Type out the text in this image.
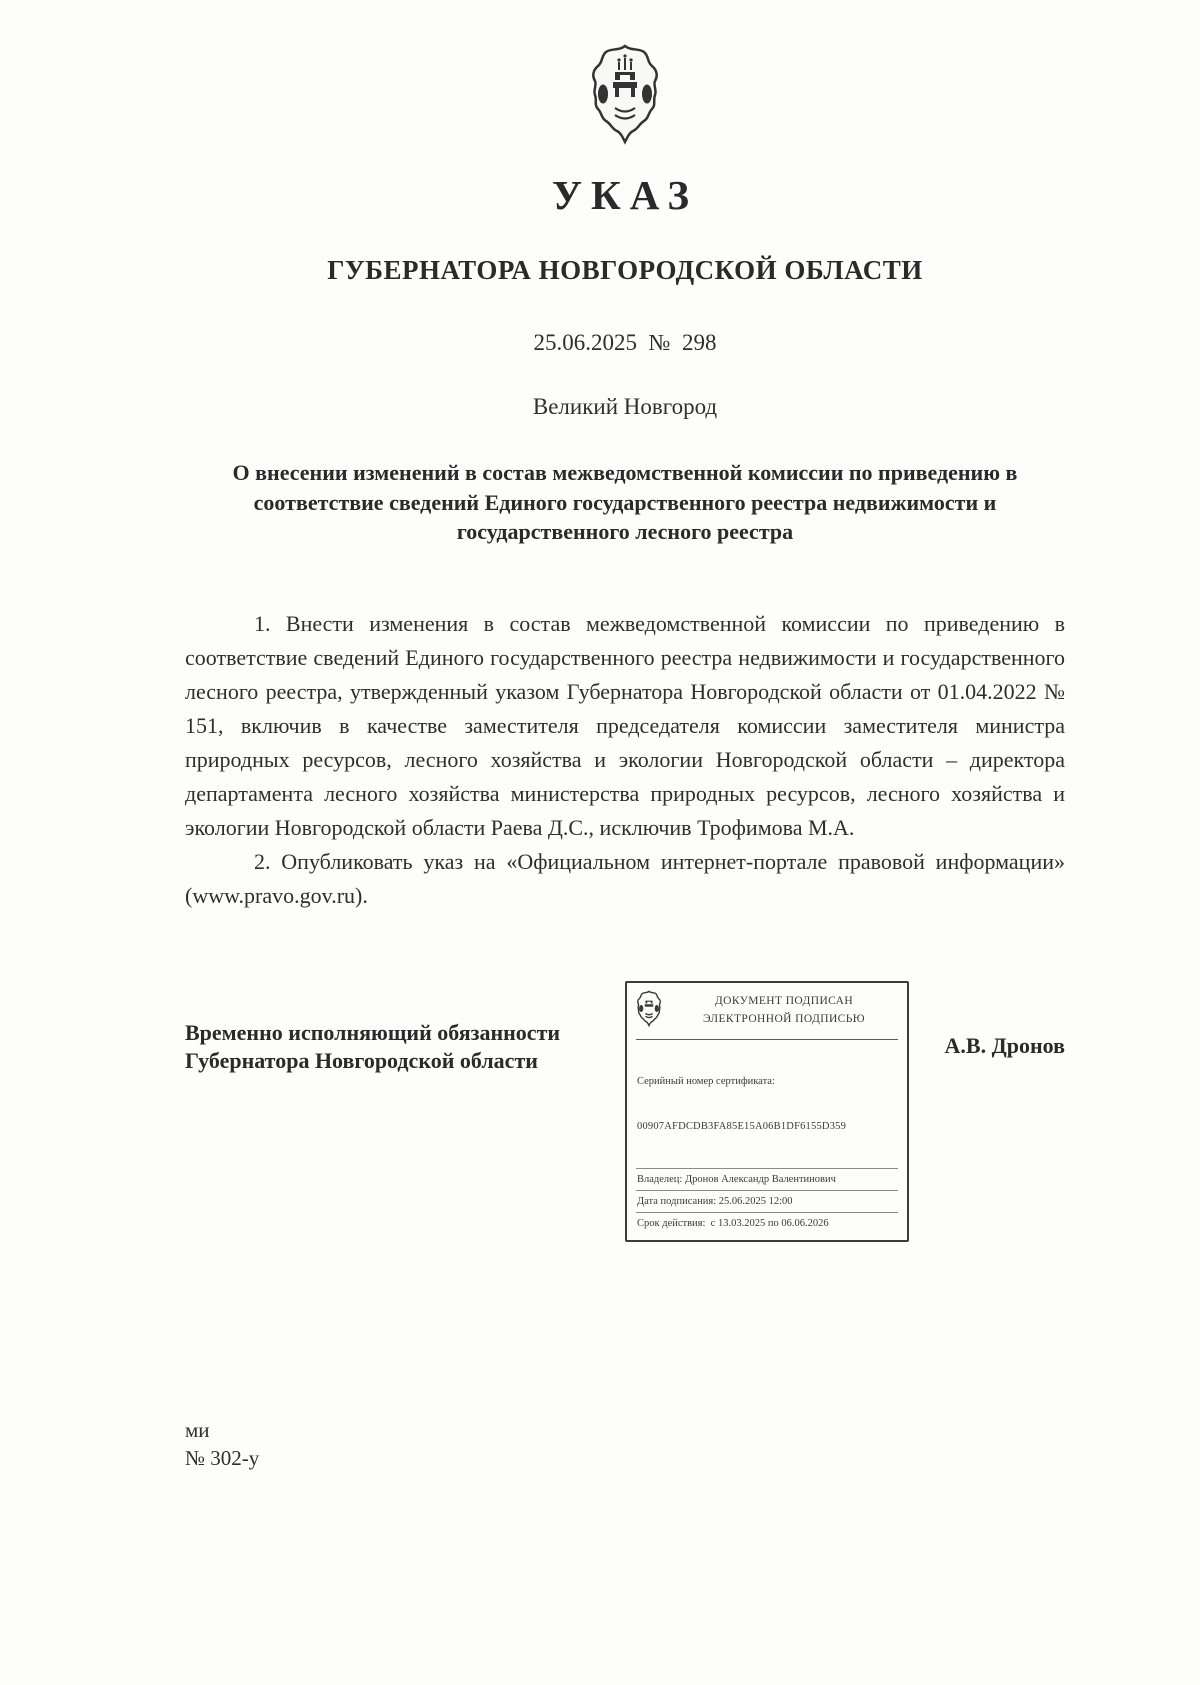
УКАЗ
ГУБЕРНАТОРА НОВГОРОДСКОЙ ОБЛАСТИ
25.06.2025  №  298
Великий Новгород
О внесении изменений в состав межведомственной комиссии по приведению в соответствие сведений Единого государственного реестра недвижимости и государственного лесного реестра

1. Внести изменения в состав межведомственной комиссии по приведению в соответствие сведений Единого государственного реестра недвижимости и государственного лесного реестра, утвержденный указом Губернатора Новгородской области от 01.04.2022 № 151, включив в качестве заместителя председателя комиссии заместителя министра природных ресурсов, лесного хозяйства и экологии Новгородской области – директора департамента лесного хозяйства министерства природных ресурсов, лесного хозяйства и экологии Новгородской области Раева Д.С., исключив Трофимова М.А.

2. Опубликовать указ на «Официальном интернет-портале правовой информации» (www.pravo.gov.ru).

Временно исполняющий обязанности
Губернатора Новгородской области
ДОКУМЕНТ ПОДПИСАН
ЭЛЕКТРОННОЙ ПОДПИСЬЮ

Серийный номер сертификата:

00907AFDCDB3FA85E15A06B1DF6155D359

Владелец: Дронов Александр Валентинович
Дата подписания: 25.06.2025 12:00
Срок действия:  с 13.03.2025 по 06.06.2026
А.В. Дронов
ми
№ 302-у
